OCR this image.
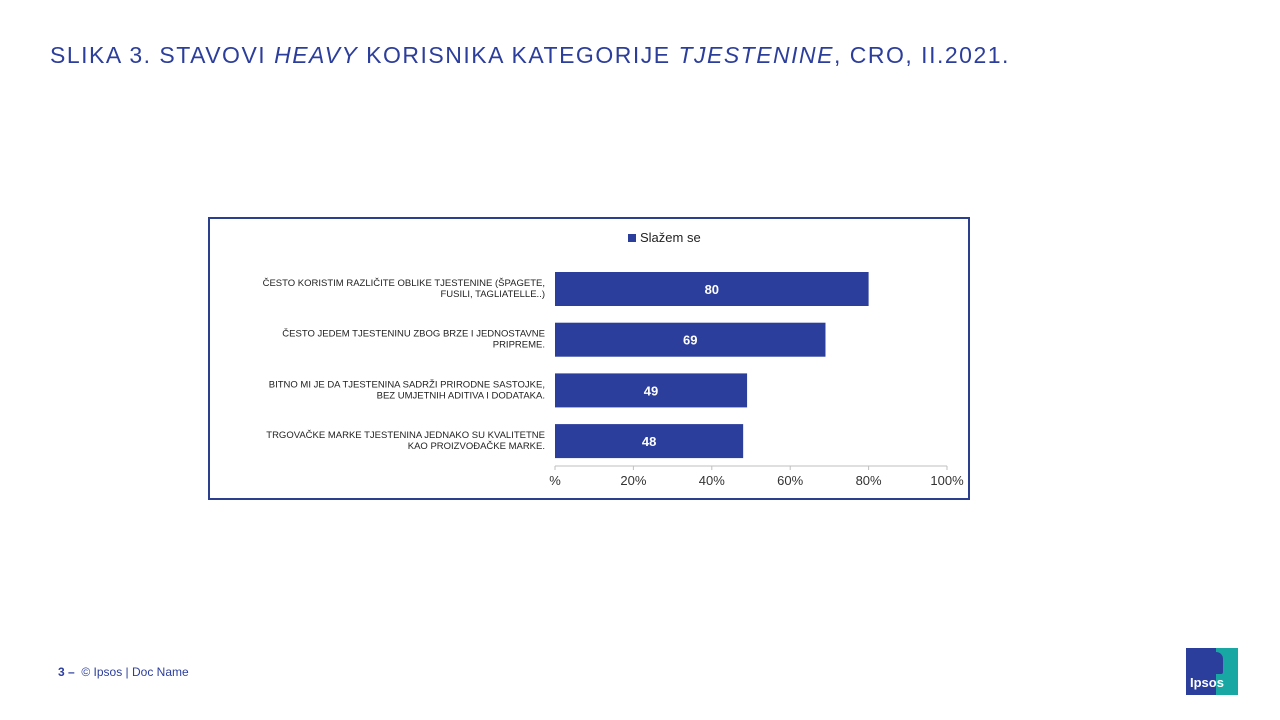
SLIKA 3. STAVOVI HEAVY KORISNIKA KATEGORIJE TJESTENINE, CRO, II.2021.
Slažem se
80
ČESTO KORISTIM RAZLIČITE OBLIKE TJESTENINE (ŠPAGETE, FUSILI, TAGLIATELLE..)
69
ČESTO JEDEM TJESTENINU ZBOG BRZE I JEDNOSTAVNE PRIPREME.
49
BITNO MI JE DA TJESTENINA SADRŽI PRIRODNE SASTOJKE, BEZ UMJETNIH ADITIVA I DODATAKA.
48
TRGOVAČKE MARKE TJESTENINA JEDNAKO SU KVALITETNE KAO PROIZVOĐAČKE MARKE.
%	20%	40%	60%	80%	100%
3 – © Ipsos | Doc Name
Ipsos
